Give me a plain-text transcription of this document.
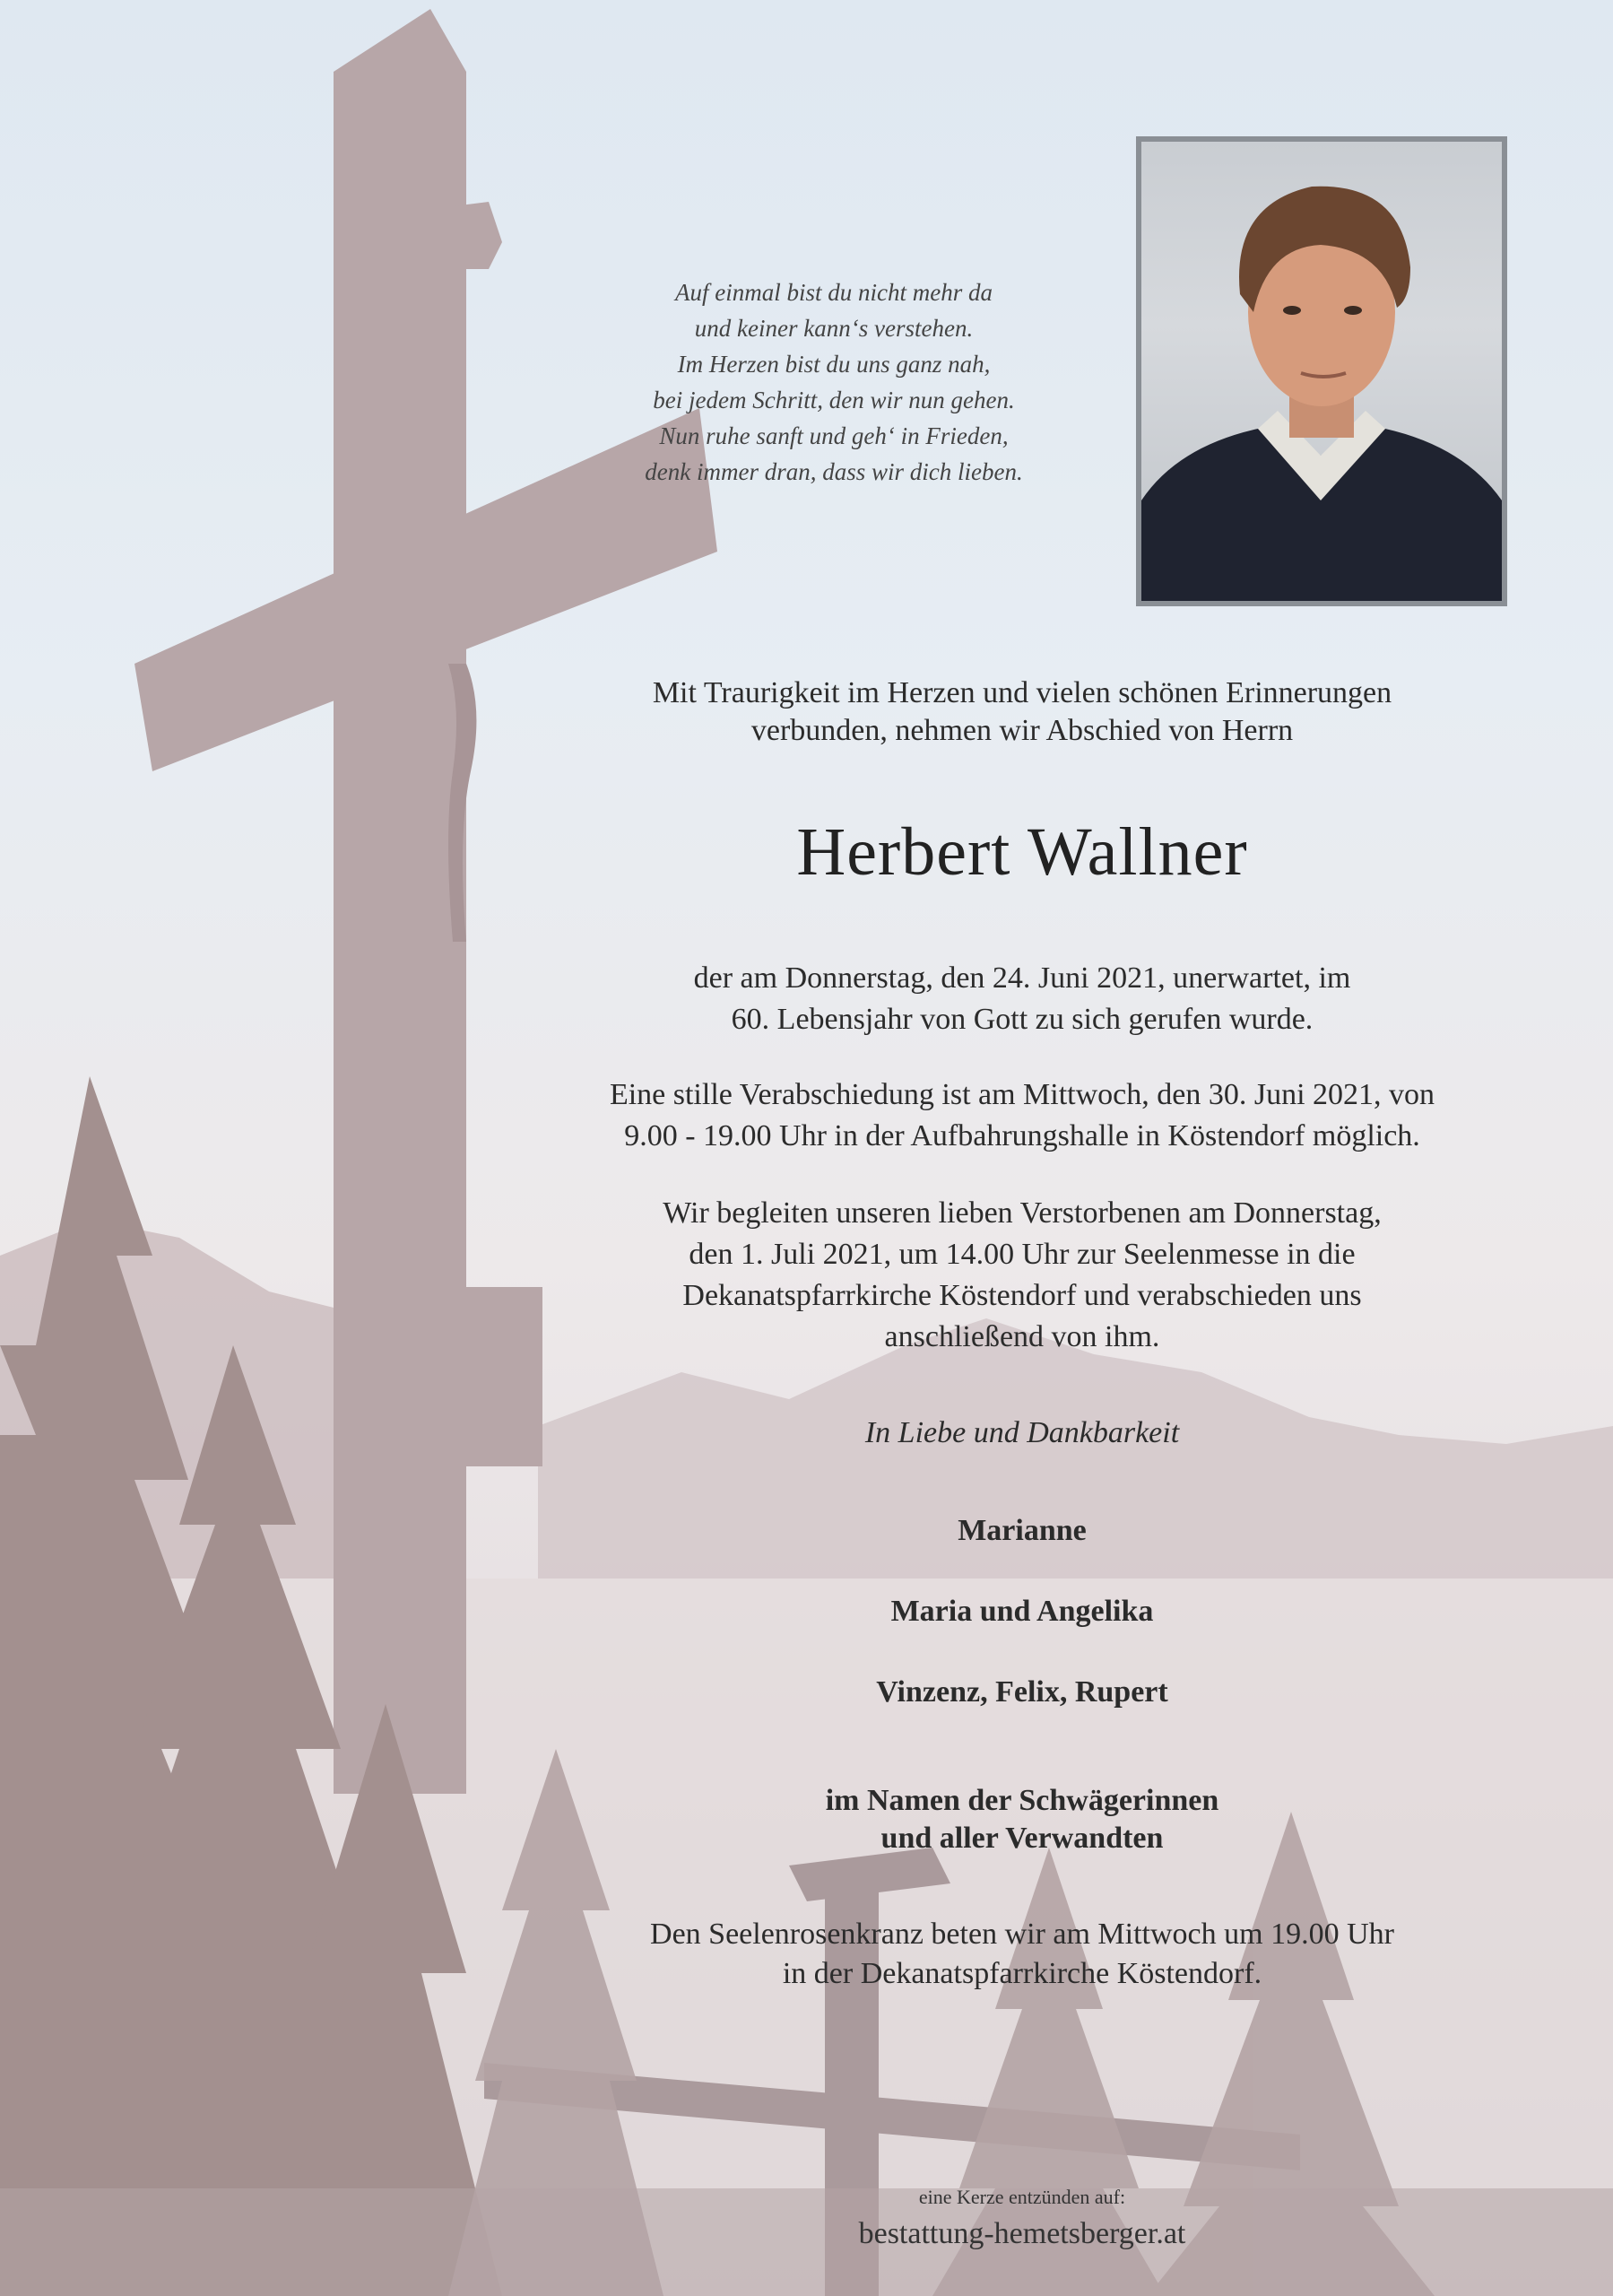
Auf einmal bist du nicht mehr da
und keiner kann‘s verstehen.
Im Herzen bist du uns ganz nah,
bei jedem Schritt, den wir nun gehen.
Nun ruhe sanft und geh‘ in Frieden,
denk immer dran, dass wir dich lieben.
Mit Traurigkeit im Herzen und vielen schönen Erinnerungen
verbunden, nehmen wir Abschied von Herrn
Herbert Wallner
der am Donnerstag, den 24. Juni 2021, unerwartet, im
60. Lebensjahr von Gott zu sich gerufen wurde.
Eine stille Verabschiedung ist am Mittwoch, den 30. Juni 2021, von
9.00 - 19.00 Uhr in der Aufbahrungshalle in Köstendorf möglich.
Wir begleiten unseren lieben Verstorbenen am Donnerstag,
den 1. Juli 2021, um 14.00 Uhr zur Seelenmesse in die
Dekanatspfarrkirche Köstendorf und verabschieden uns
anschließend von ihm.
In Liebe und Dankbarkeit
Marianne
Maria und Angelika
Vinzenz, Felix, Rupert
im Namen der Schwägerinnen
und aller Verwandten
Den Seelenrosenkranz beten wir am Mittwoch um 19.00 Uhr
in der Dekanatspfarrkirche Köstendorf.
eine Kerze entzünden auf:
bestattung-hemetsberger.at
